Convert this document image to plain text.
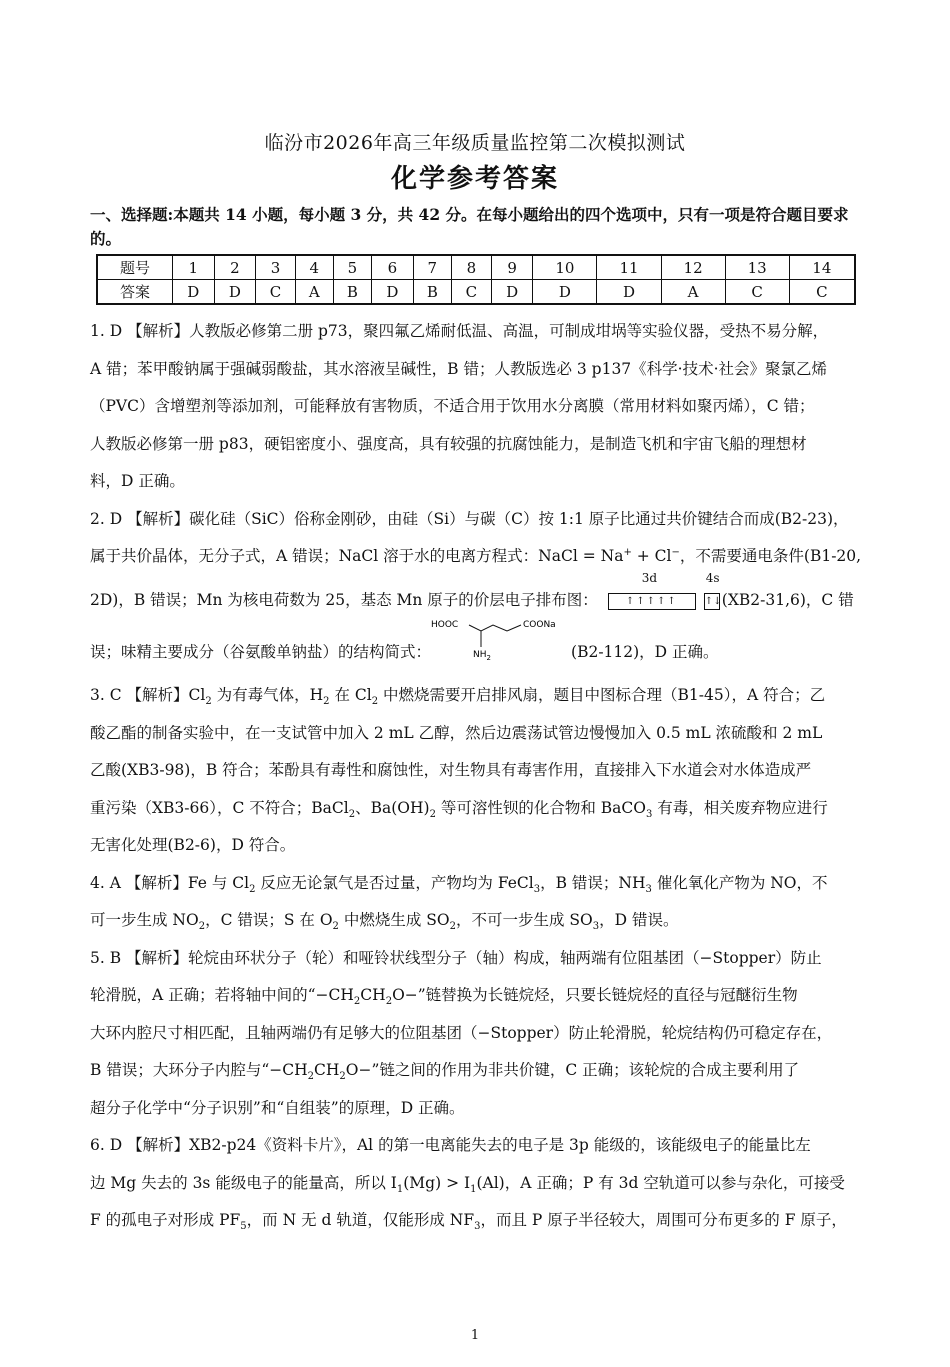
临汾市2026年高三年级质量监控第二次模拟测试
化学参考答案
一、选择题:本题共 14 小题，每小题 3 分，共 42 分。在每小题给出的四个选项中，只有一项是符合题目要求的。
题号	1	2	3	4	5	6	7	8	9	10	11	12	13	14
答案	D	D	C	A	B	D	B	C	D	D	D	A	C	C
1. D 【解析】人教版必修第二册 p73，聚四氟乙烯耐低温、高温，可制成坩埚等实验仪器，受热不易分解，
A 错；苯甲酸钠属于强碱弱酸盐，其水溶液呈碱性，B 错；人教版选必 3 p137《科学·技术·社会》聚氯乙烯
（PVC）含增塑剂等添加剂，可能释放有害物质，不适合用于饮用水分离膜（常用材料如聚丙烯），C 错；
人教版必修第一册 p83，硬铝密度小、强度高，具有较强的抗腐蚀能力，是制造飞机和宇宙飞船的理想材
料，D 正确。
2. D 【解析】碳化硅（SiC）俗称金刚砂，由硅（Si）与碳（C）按 1:1 原子比通过共价键结合而成(B2-23)，
属于共价晶体，无分子式，A 错误；NaCl 溶于水的电离方程式：NaCl = Na+ + Cl−，不需要通电条件(B1-20,
2D)，B 错误；Mn 为核电荷数为 25，基态 Mn 原子的价层电子排布图：
3d	4s
↑↑↑↑↑	↑↓ (XB2-31,6)，C 错
误；味精主要成分（谷氨酸单钠盐）的结构简式：
HOOC	COONa
$NH_2$	(B2-112)，D 正确。
3. C 【解析】$Cl_2$ 为有毒气体，$H_2$ 在 $Cl_2$ 中燃烧需要开启排风扇，题目中图标合理（B1-45），A 符合；乙
酸乙酯的制备实验中，在一支试管中加入 2 mL 乙醇，然后边震荡试管边慢慢加入 0.5 mL 浓硫酸和 2 mL
乙酸(XB3-98)，B 符合；苯酚具有毒性和腐蚀性，对生物具有毒害作用，直接排入下水道会对水体造成严
重污染（XB3-66），C 不符合；BaCl$_2$、$Ba(OH)_2$ 等可溶性钡的化合物和 BaCO$_3$ 有毒，相关废弃物应进行
无害化处理(B2-6)，D 符合。
4. A 【解析】Fe 与 $Cl_2$ 反应无论氯气是否过量，产物均为 FeCl$_3$，B 错误；$NH_3$ 催化氧化产物为 NO，不
可一步生成 $NO_2$，C 错误；S 在 $O_2$ 中燃烧生成 $SO_2$，不可一步生成 $SO_3$，D 错误。
5. B 【解析】轮烷由环状分子（轮）和哑铃状线型分子（轴）构成，轴两端有位阻基团（−Stopper）防止
轮滑脱，A 正确；若将轴中间的“$-CH_2CH_2O-$”链替换为长链烷烃，只要长链烷烃的直径与冠醚衍生物
大环内腔尺寸相匹配，且轴两端仍有足够大的位阻基团（−Stopper）防止轮滑脱，轮烷结构仍可稳定存在，
B 错误；大环分子内腔与“$-CH_2CH_2O-$”链之间的作用为非共价键，C 正确；该轮烷的合成主要利用了
超分子化学中“分子识别”和“自组装”的原理，D 正确。
6. D 【解析】XB2-p24《资料卡片》，Al 的第一电离能失去的电子是 3p 能级的，该能级电子的能量比左
边 Mg 失去的 3s 能级电子的能量高，所以 $I_1(Mg) > I_1(Al)$，A 正确；P 有 3d 空轨道可以参与杂化，可接受
F 的孤电子对形成 $PF_5$，而 N 无 d 轨道，仅能形成 $NF_3$，而且 P 原子半径较大，周围可分布更多的 F 原子，
1
